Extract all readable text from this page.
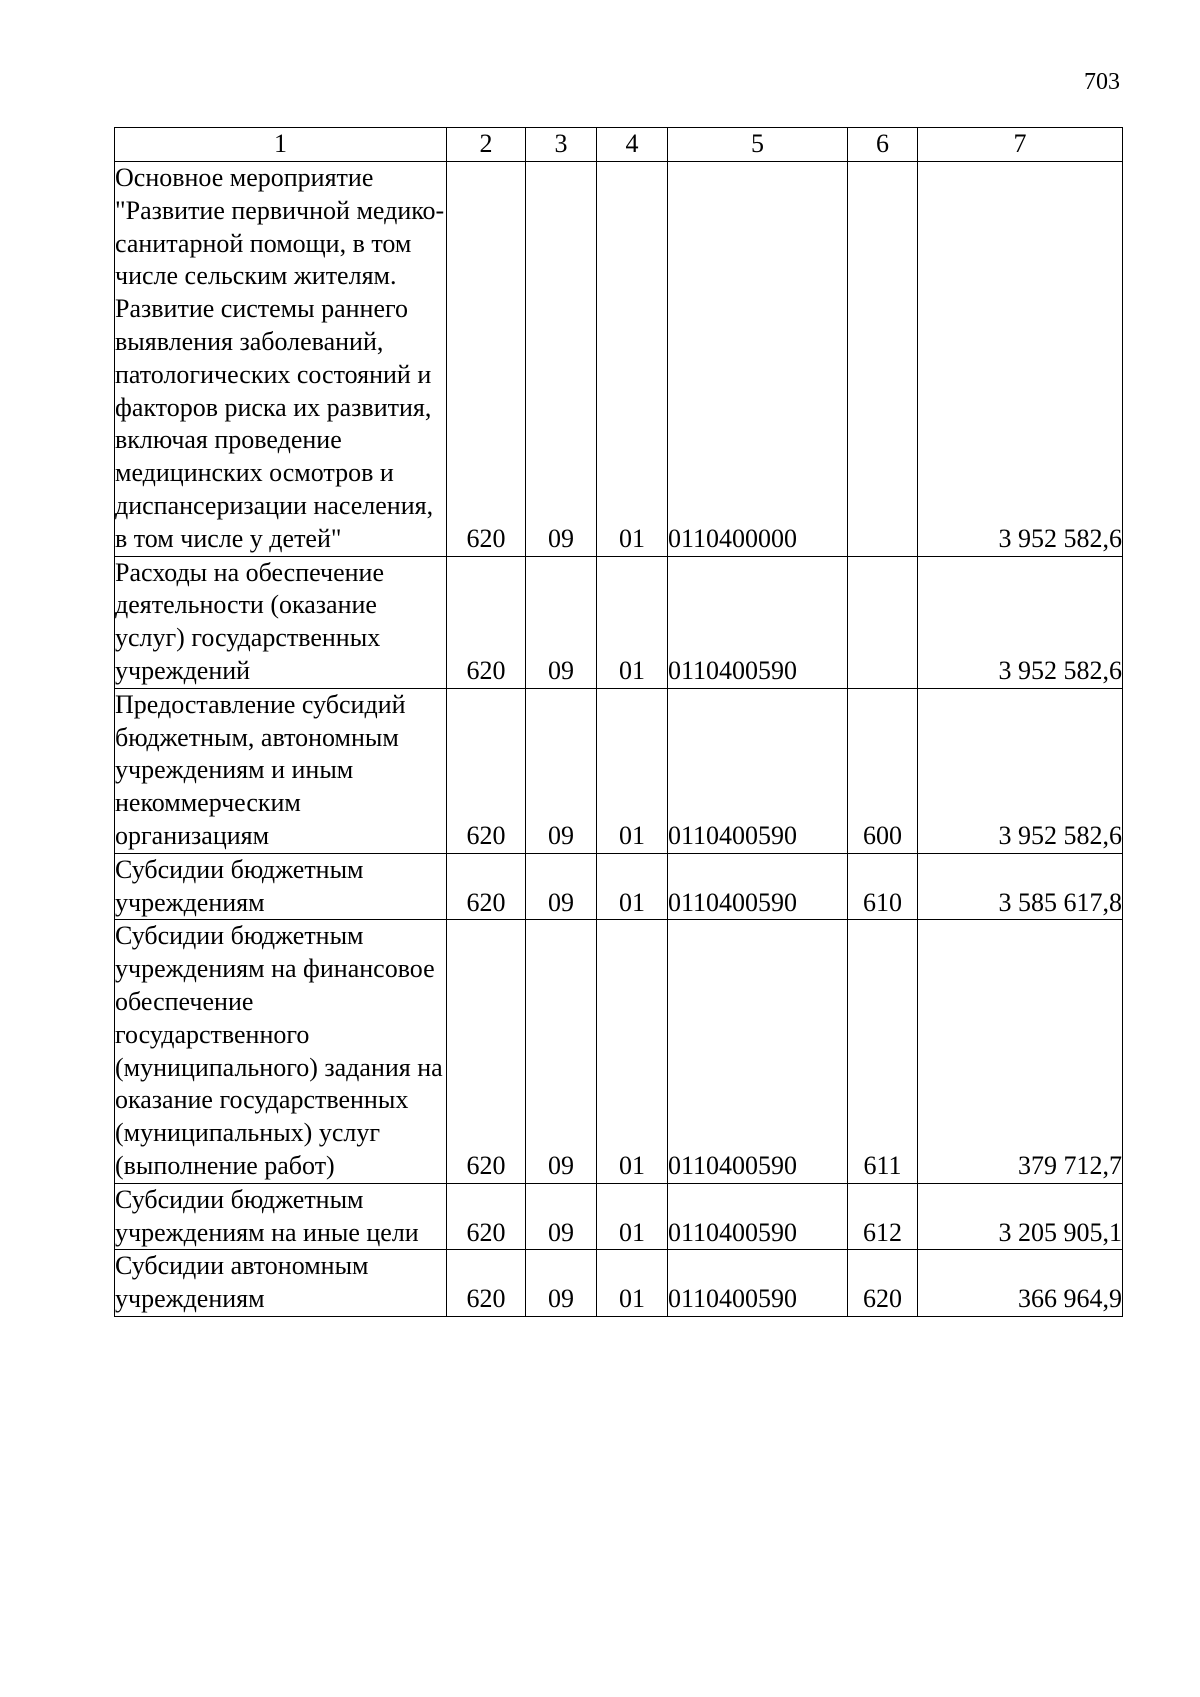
703
1	2	3	4	5	6	7
Основное мероприятие "Развитие первичной медико-санитарной помощи, в том числе сельским жителям. Развитие системы раннего выявления заболеваний, патологических состояний и факторов риска их развития, включая проведение медицинских осмотров и диспансеризации населения, в том числе у детей"	620	09	01	0110400000		3 952 582,6
Расходы на обеспечение деятельности (оказание услуг) государственных учреждений	620	09	01	0110400590		3 952 582,6
Предоставление субсидий бюджетным, автономным учреждениям и иным некоммерческим организациям	620	09	01	0110400590	600	3 952 582,6
Субсидии бюджетным учреждениям	620	09	01	0110400590	610	3 585 617,8
Субсидии бюджетным учреждениям на финансовое обеспечение государственного (муниципального) задания на оказание государственных (муниципальных) услуг (выполнение работ)	620	09	01	0110400590	611	379 712,7
Субсидии бюджетным учреждениям на иные цели	620	09	01	0110400590	612	3 205 905,1
Субсидии автономным учреждениям	620	09	01	0110400590	620	366 964,9
